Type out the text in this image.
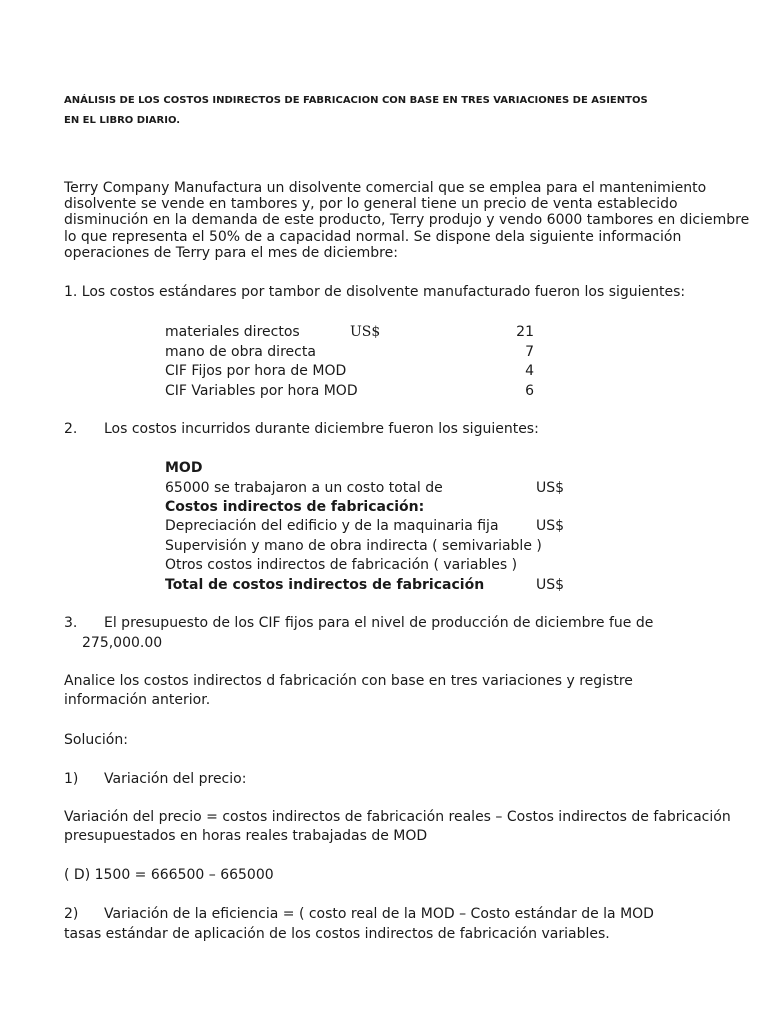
ANÁLISIS DE LOS COSTOS INDIRECTOS DE FABRICACION CON BASE EN TRES VARIACIONES DE ASIENTOS
EN EL LIBRO DIARIO.
Terry Company Manufactura un disolvente comercial que se emplea para el mantenimiento
disolvente se vende en tambores y, por lo general tiene un precio de venta establecido
disminución en la demanda de este producto, Terry produjo y vendo 6000 tambores en diciembre
lo que representa el 50% de a capacidad normal. Se dispone dela siguiente información
operaciones de Terry para el mes de diciembre:
1. Los costos estándares por tambor de disolvente manufacturado fueron los siguientes:
materiales directos	US$	21
mano de obra directa	7
CIF Fijos por hora de MOD	4
CIF Variables por hora MOD	6
2. Los costos incurridos durante diciembre fueron los siguientes:
MOD
65000 se trabajaron a un costo total de	US$
Costos indirectos de fabricación:
Depreciación del edificio y de la maquinaria fija	US$
Supervisión y mano de obra indirecta ( semivariable )
Otros costos indirectos de fabricación ( variables )
Total de costos indirectos de fabricación	US$
3. El presupuesto de los CIF fijos para el nivel de producción de diciembre fue de
275,000.00
Analice los costos indirectos d fabricación con base en tres variaciones y registre
información anterior.
Solución:
1) Variación del precio:
Variación del precio = costos indirectos de fabricación reales – Costos indirectos de fabricación
presupuestados en horas reales trabajadas de MOD
( D) 1500 = 666500 – 665000
2) Variación de la eficiencia = ( costo real de la MOD – Costo estándar de la MOD
tasas estándar de aplicación de los costos indirectos de fabricación variables.
